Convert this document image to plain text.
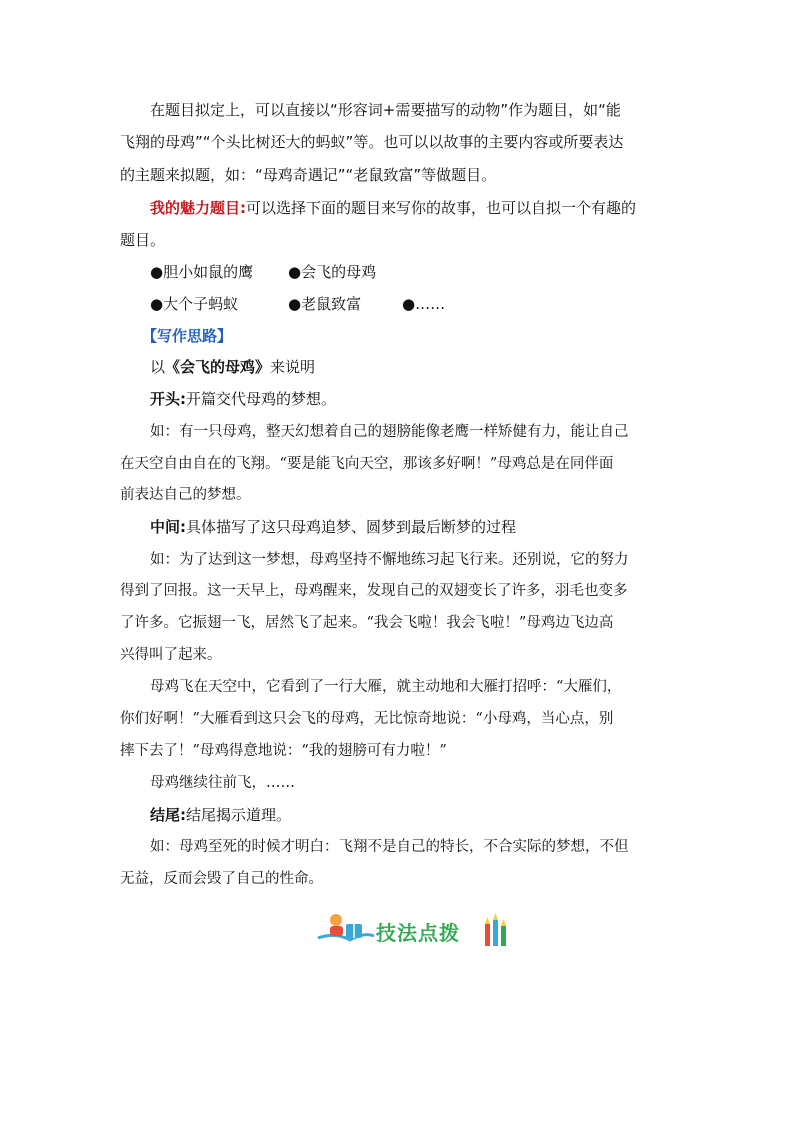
在题目拟定上，可以直接以“形容词+需要描写的动物”作为题目，如“能
飞翔的母鸡”“个头比树还大的蚂蚁”等。也可以以故事的主要内容或所要表达
的主题来拟题，如：“母鸡奇遇记”“老鼠致富”等做题目。
我的魅力题目:可以选择下面的题目来写你的故事，也可以自拟一个有趣的
题目。
●胆小如鼠的鹰 ●会飞的母鸡
●大个子蚂蚁	●老鼠致富	●……
【写作思路】
以《会飞的母鸡》来说明
开头:开篇交代母鸡的梦想。
如：有一只母鸡，整天幻想着自己的翅膀能像老鹰一样矫健有力，能让自己
在天空自由自在的飞翔。“要是能飞向天空，那该多好啊！”母鸡总是在同伴面
前表达自己的梦想。
中间:具体描写了这只母鸡追梦、圆梦到最后断梦的过程
如：为了达到这一梦想，母鸡坚持不懈地练习起飞行来。还别说，它的努力
得到了回报。这一天早上，母鸡醒来，发现自己的双翅变长了许多，羽毛也变多
了许多。它振翅一飞，居然飞了起来。“我会飞啦！我会飞啦！”母鸡边飞边高
兴得叫了起来。
母鸡飞在天空中，它看到了一行大雁，就主动地和大雁打招呼：“大雁们，
你们好啊！”大雁看到这只会飞的母鸡，无比惊奇地说：“小母鸡，当心点，别
摔下去了！”母鸡得意地说：“我的翅膀可有力啦！”
母鸡继续往前飞，……
结尾:结尾揭示道理。
如：母鸡至死的时候才明白：飞翔不是自己的特长，不合实际的梦想，不但
无益，反而会毁了自己的性命。
技法点拨
